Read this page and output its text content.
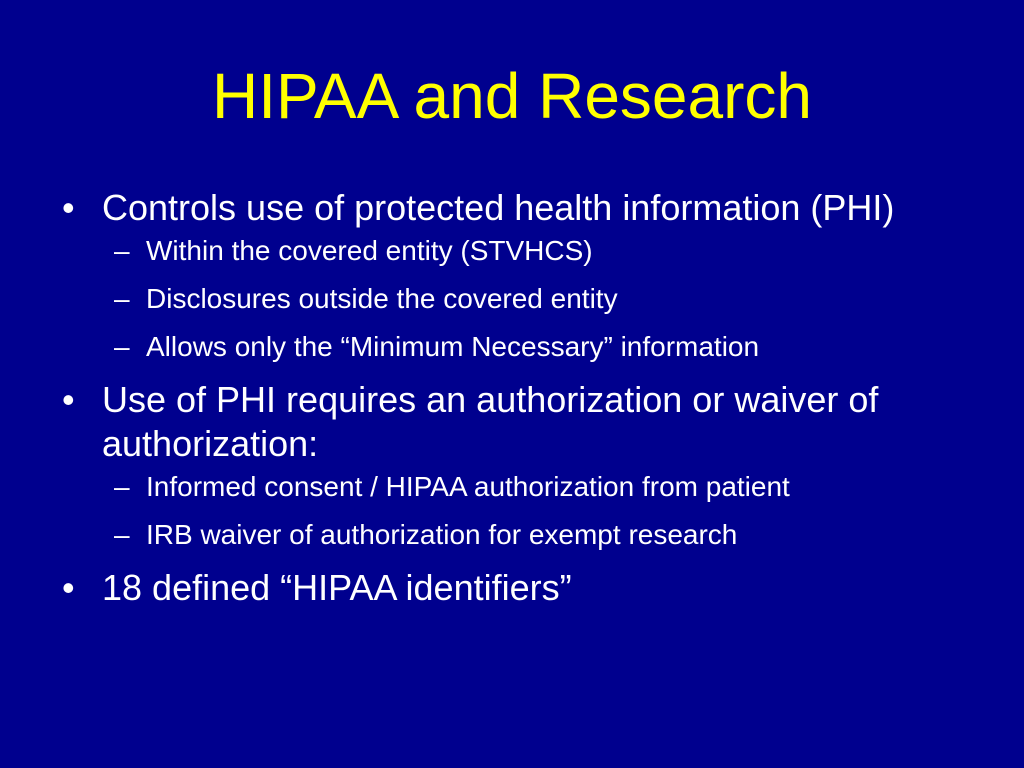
HIPAA and Research
• Controls use of protected health information (PHI)
– Within the covered entity (STVHCS)
– Disclosures outside the covered entity
– Allows only the “Minimum Necessary” information
• Use of PHI requires an authorization or waiver of authorization:
– Informed consent / HIPAA authorization from patient
– IRB waiver of authorization for exempt research
• 18 defined “HIPAA identifiers”
